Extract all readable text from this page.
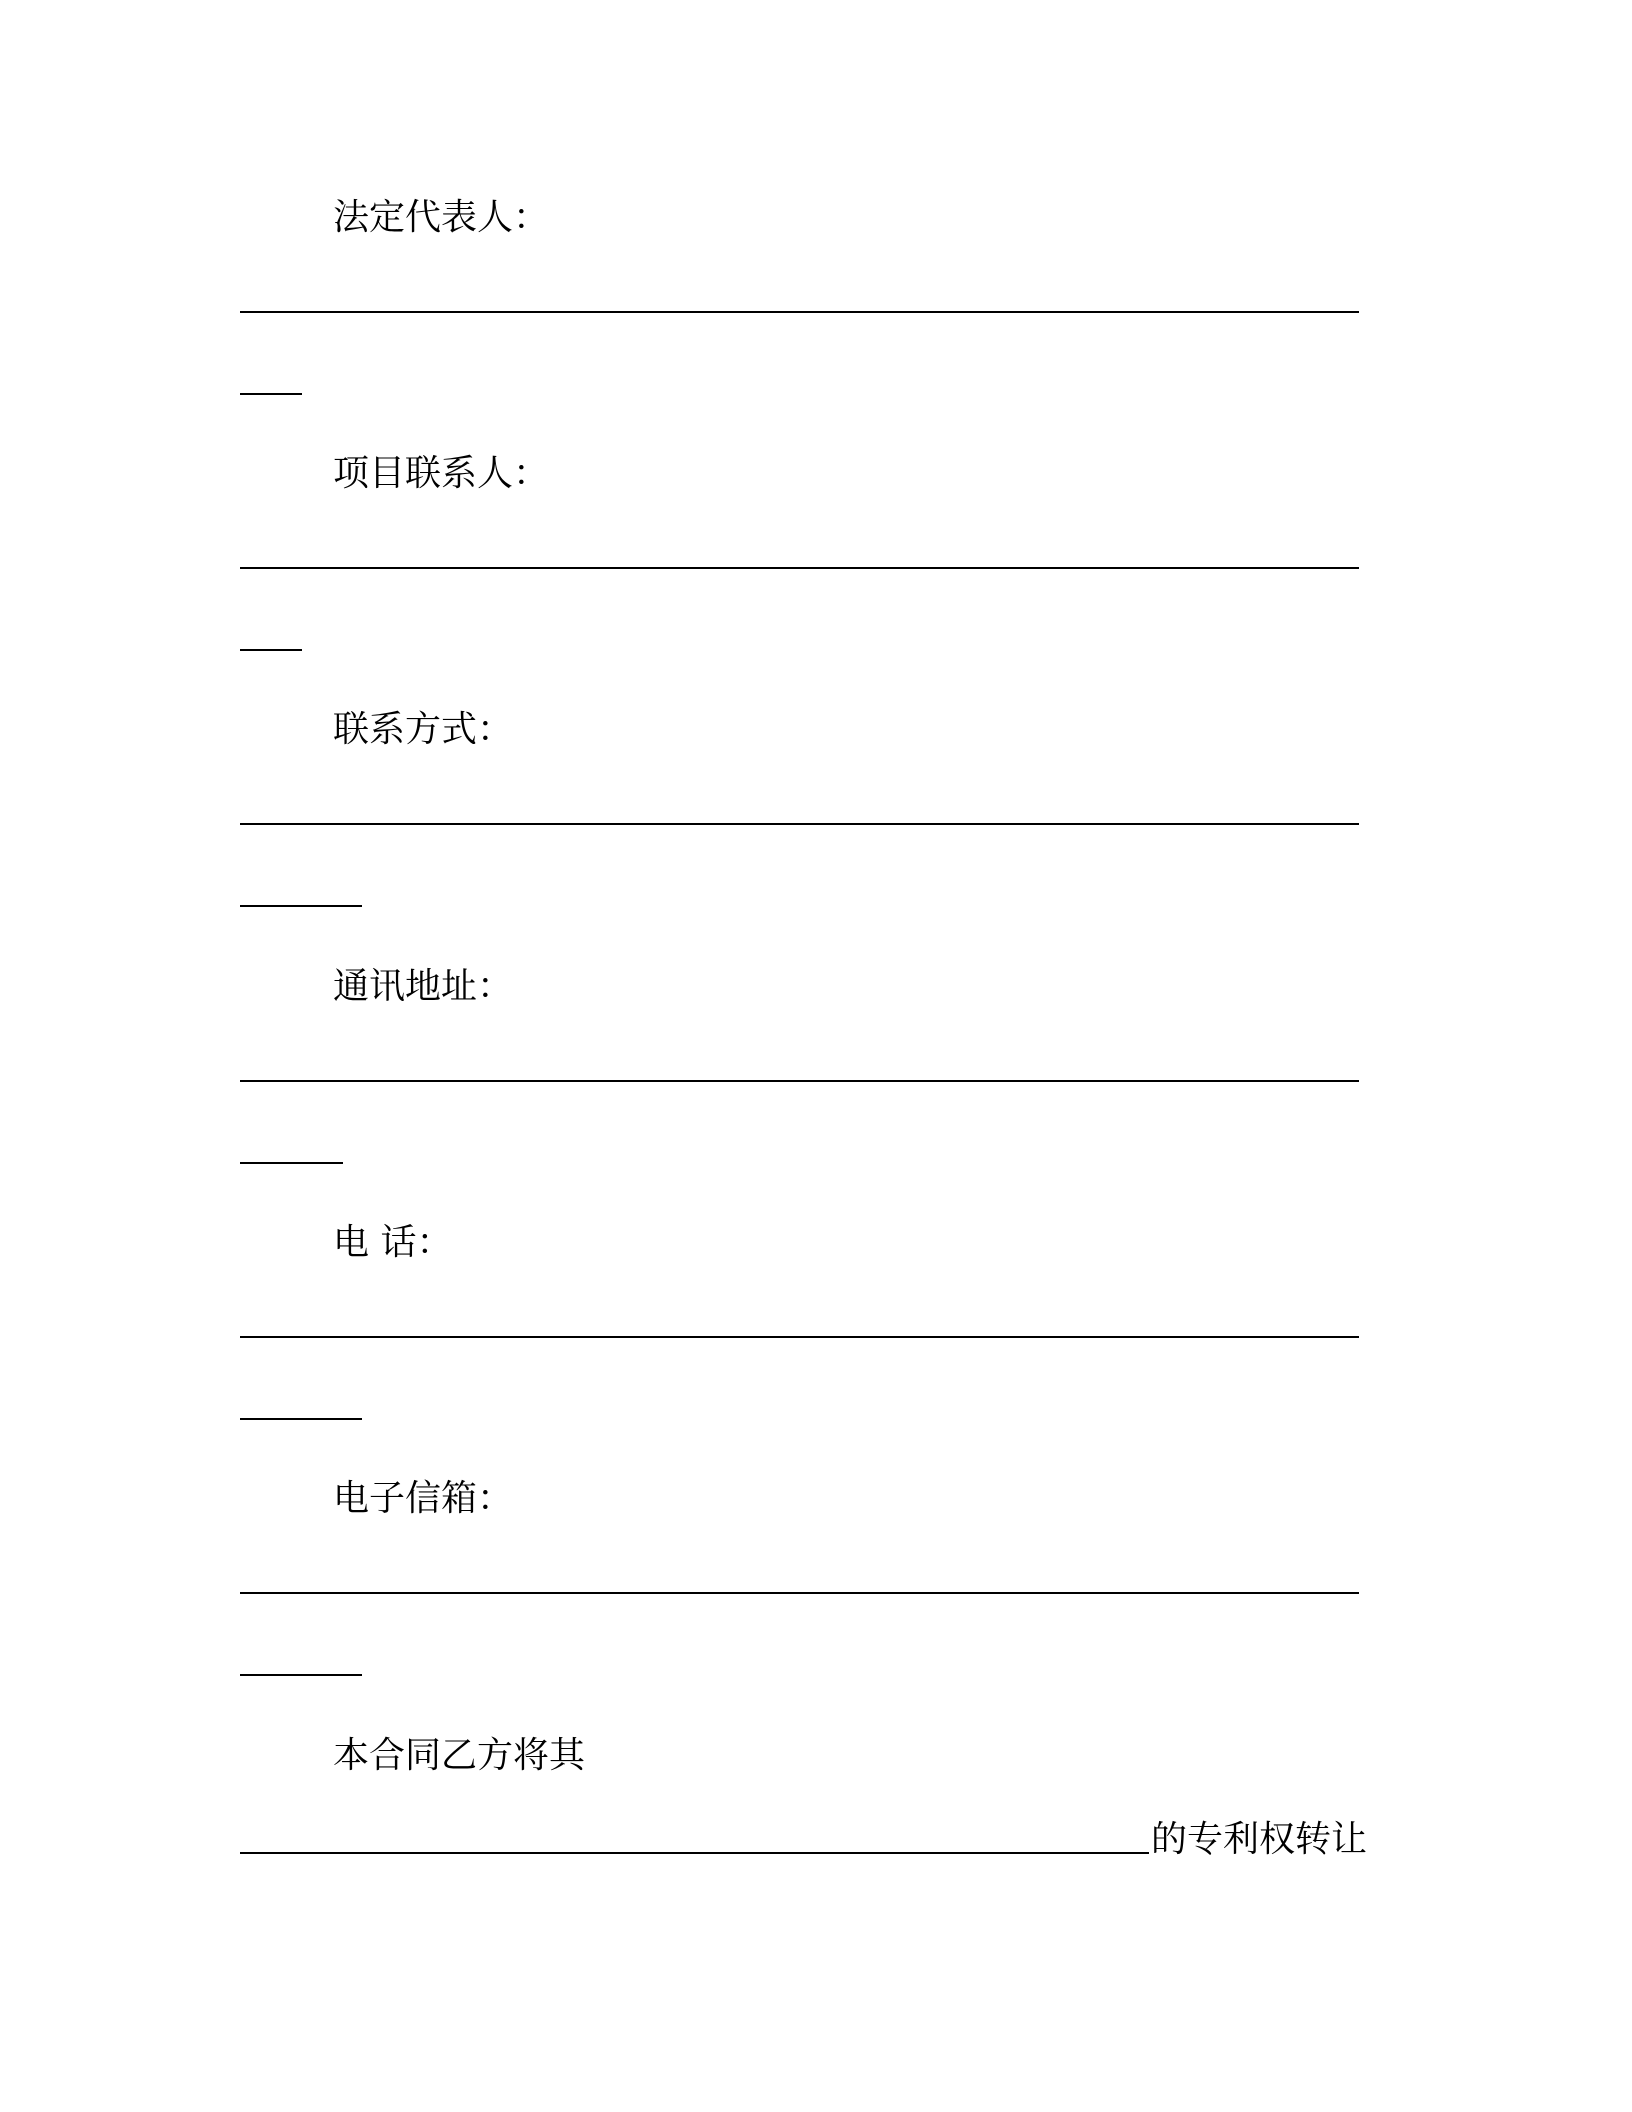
法定代表人：
项目联系人：
联系方式：
通讯地址：
电 话：
电子信箱：
本合同乙方将其
的专利权转让
